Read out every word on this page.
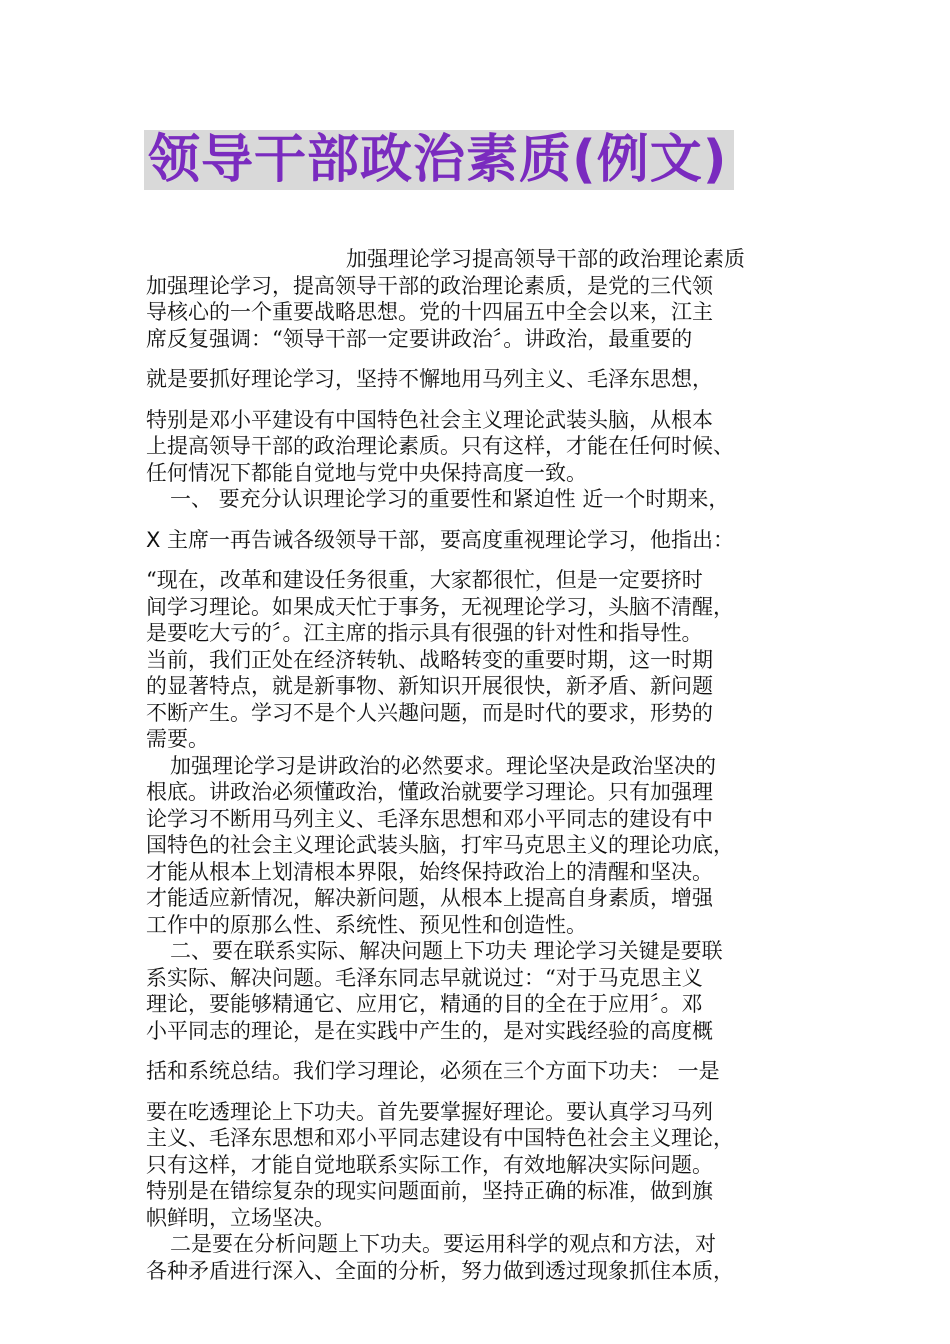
领导干部政治素质(例文)
加强理论学习提高领导干部的政治理论素质
加强理论学习，提高领导干部的政治理论素质，是党的三代领
导核心的一个重要战略思想。党的十四届五中全会以来，江主
席反复强调：“领导干部一定要讲政治〞。讲政治，最重要的
就是要抓好理论学习，坚持不懈地用马列主义、毛泽东思想，
特别是邓小平建设有中国特色社会主义理论武装头脑，从根本
上提高领导干部的政治理论素质。只有这样，才能在任何时候、
任何情况下都能自觉地与党中央保持高度一致。
一、 要充分认识理论学习的重要性和紧迫性 近一个时期来，
X 主席一再告诫各级领导干部，要高度重视理论学习，他指出：
“现在，改革和建设任务很重，大家都很忙，但是一定要挤时
间学习理论。如果成天忙于事务，无视理论学习，头脑不清醒，
是要吃大亏的〞。江主席的指示具有很强的针对性和指导性。
当前，我们正处在经济转轨、战略转变的重要时期，这一时期
的显著特点，就是新事物、新知识开展很快，新矛盾、新问题
不断产生。学习不是个人兴趣问题，而是时代的要求，形势的
需要。
加强理论学习是讲政治的必然要求。理论坚决是政治坚决的
根底。讲政治必须懂政治，懂政治就要学习理论。只有加强理
论学习不断用马列主义、毛泽东思想和邓小平同志的建设有中
国特色的社会主义理论武装头脑，打牢马克思主义的理论功底，
才能从根本上划清根本界限，始终保持政治上的清醒和坚决。
才能适应新情况，解决新问题，从根本上提高自身素质，增强
工作中的原那么性、系统性、预见性和创造性。
二、要在联系实际、解决问题上下功夫 理论学习关键是要联
系实际、解决问题。毛泽东同志早就说过：“对于马克思主义
理论，要能够精通它、应用它，精通的目的全在于应用〞。邓
小平同志的理论，是在实践中产生的，是对实践经验的高度概
括和系统总结。我们学习理论，必须在三个方面下功夫： 一是
要在吃透理论上下功夫。首先要掌握好理论。要认真学习马列
主义、毛泽东思想和邓小平同志建设有中国特色社会主义理论，
只有这样，才能自觉地联系实际工作，有效地解决实际问题。
特别是在错综复杂的现实问题面前，坚持正确的标准，做到旗
帜鲜明，立场坚决。
二是要在分析问题上下功夫。要运用科学的观点和方法，对
各种矛盾进行深入、全面的分析，努力做到透过现象抓住本质，
